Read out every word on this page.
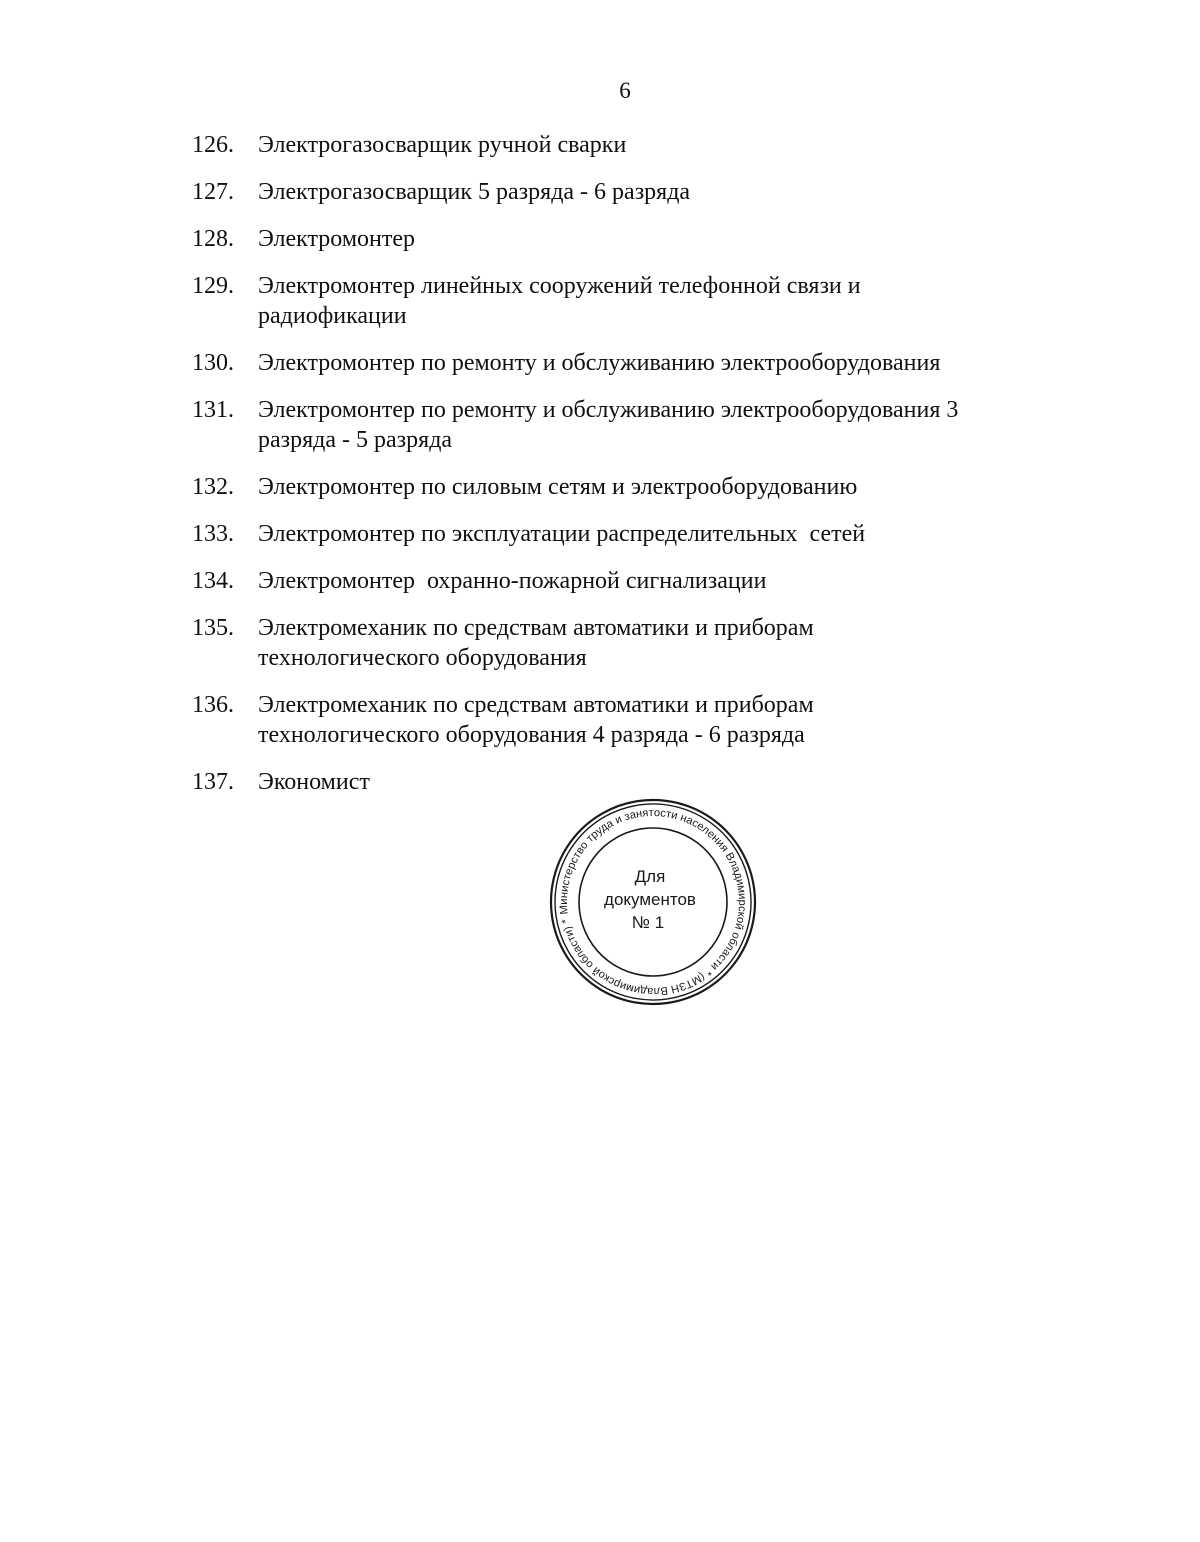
6
126.	Электрогазосварщик ручной сварки
127.	Электрогазосварщик 5 разряда - 6 разряда
128.	Электромонтер
129.	Электромонтер линейных сооружений телефонной связи и радиофикации
130.	Электромонтер по ремонту и обслуживанию электрооборудования
131.	Электромонтер по ремонту и обслуживанию электрооборудования 3 разряда - 5 разряда
132.	Электромонтер по силовым сетям и электрооборудованию
133.	Электромонтер по эксплуатации распределительных  сетей
134.	Электромонтер  охранно-пожарной сигнализации
135.	Электромеханик по средствам автоматики и приборам технологического оборудования
136.	Электромеханик по средствам автоматики и приборам технологического оборудования 4 разряда - 6 разряда
137.	Экономист
Министерство труда и занятости населения Владимирской области * (МТЗН Владимирской области) *
Для
документов
№ 1
